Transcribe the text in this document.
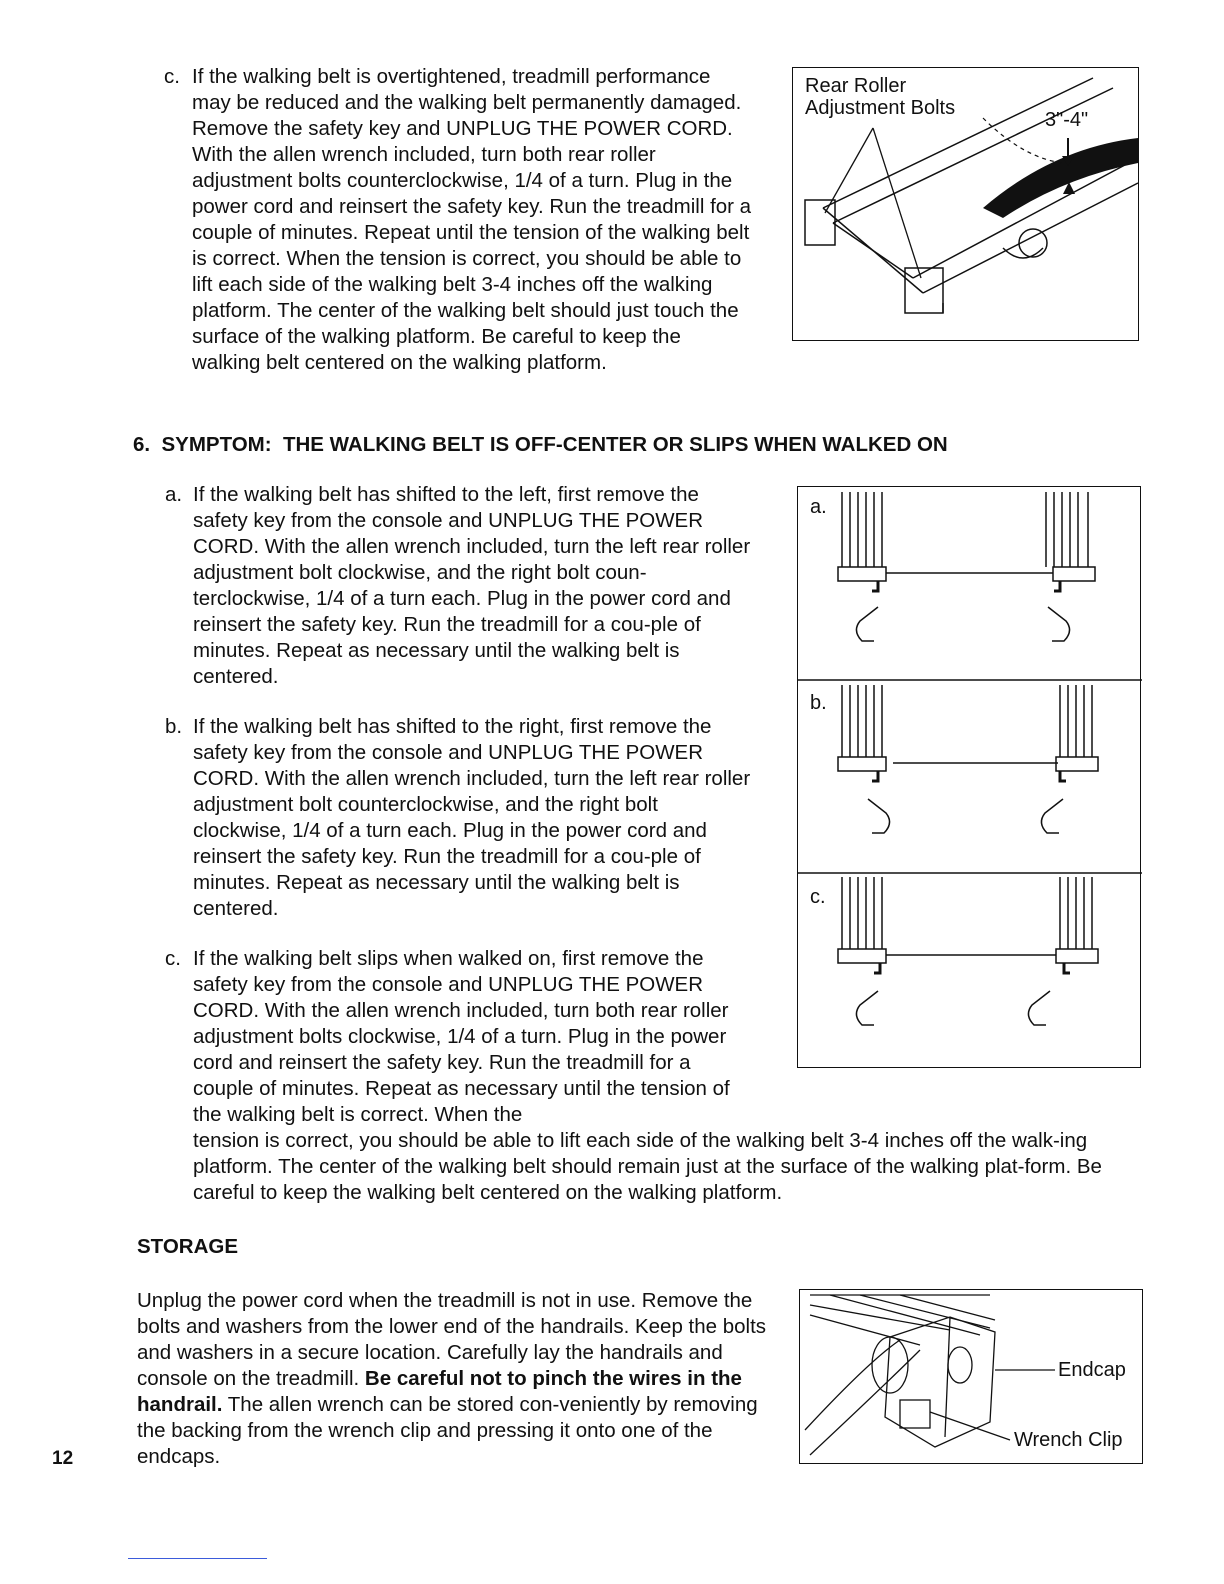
c. If the walking belt is overtightened, treadmill performance may be reduced and the walking belt permanently damaged. Remove the safety key and UNPLUG THE POWER CORD. With the allen wrench included, turn both rear roller adjustment bolts counterclockwise, 1/4 of a turn. Plug in the power cord and reinsert the safety key. Run the treadmill for a couple of minutes. Repeat until the tension of the walking belt is correct. When the tension is correct, you should be able to lift each side of the walking belt 3-4 inches off the walking platform. The center of the walking belt should just touch the surface of the walking platform. Be careful to keep the walking belt centered on the walking platform.
Rear Roller
Adjustment Bolts
3"-4"
6.  SYMPTOM:  THE WALKING BELT IS OFF-CENTER OR SLIPS WHEN WALKED ON
a. If the walking belt has shifted to the left, first remove the safety key from the console and UNPLUG THE POWER CORD. With the allen wrench included, turn the left rear roller adjustment bolt clockwise, and the right bolt coun-terclockwise, 1/4 of a turn each. Plug in the power cord and reinsert the safety key. Run the treadmill for a cou-ple of minutes. Repeat as necessary until the walking belt is centered.
b. If the walking belt has shifted to the right, first remove the safety key from the console and UNPLUG THE POWER CORD. With the allen wrench included, turn the left rear roller adjustment bolt counterclockwise, and the right bolt clockwise, 1/4 of a turn each. Plug in the power cord and reinsert the safety key. Run the treadmill for a cou-ple of minutes. Repeat as necessary until the walking belt is centered.
c. If the walking belt slips when walked on, first remove the safety key from the console and UNPLUG THE POWER CORD. With the allen wrench included, turn both rear roller adjustment bolts clockwise, 1/4 of a turn. Plug in the power cord and reinsert the safety key. Run the treadmill for a couple of minutes. Repeat as necessary until the tension of the walking belt is correct. When the
tension is correct, you should be able to lift each side of the walking belt 3-4 inches off the walk-ing platform. The center of the walking belt should remain just at the surface of the walking plat-form. Be careful to keep the walking belt centered on the walking platform.
a.
b.
c.
STORAGE
Unplug the power cord when the treadmill is not in use. Remove the bolts and washers from the lower end of the handrails. Keep the bolts and washers in a secure location. Carefully lay the handrails and console on the treadmill. Be careful not to pinch the wires in the handrail. The allen wrench can be stored con-veniently by removing the backing from the wrench clip and pressing it onto one of the endcaps.
Endcap
Wrench Clip
12
